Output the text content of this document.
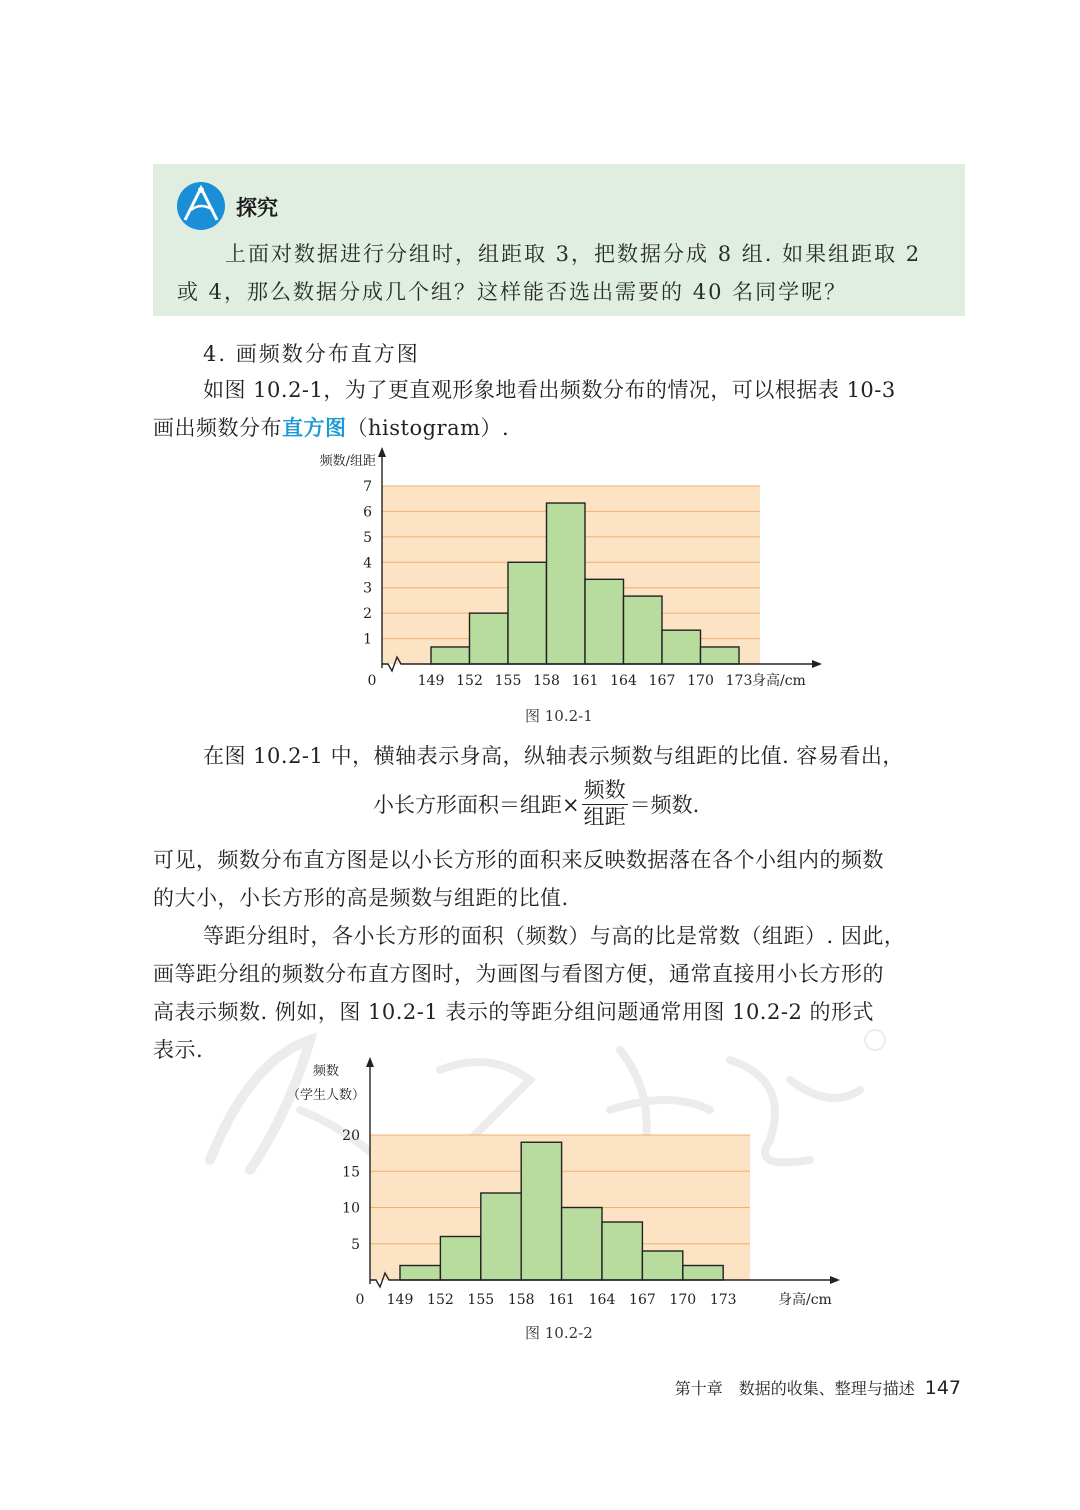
探究
上面对数据进行分组时，组距取 3，把数据分成 8 组. 如果组距取 2
或 4，那么数据分成几个组？这样能否选出需要的 40 名同学呢？
4. 画频数分布直方图
如图 10.2-1，为了更直观形象地看出频数分布的情况，可以根据表 10-3
画出频数分布直方图（histogram）.
1
2
3
4
5
6
7
0	149 152 155 158 161 164 167 170 173 身高/cm
频数/组距
图 10.2-1
在图 10.2-1 中，横轴表示身高，纵轴表示频数与组距的比值. 容易看出，
小长方形面积＝组距× $\frac{\text{频数}}{\text{组距}}$ ＝频数.
可见，频数分布直方图是以小长方形的面积来反映数据落在各个小组内的频数
的大小，小长方形的高是频数与组距的比值.
等距分组时，各小长方形的面积（频数）与高的比是常数（组距）. 因此，
画等距分组的频数分布直方图时，为画图与看图方便，通常直接用小长方形的
高表示频数. 例如，图 10.2-1 表示的等距分组问题通常用图 10.2-2 的形式
表示.
5
10
15
20
0 149 152 155 158 161 164 167 170 173	身高/cm
频数
（学生人数）
图 10.2-2
第十章 数据的收集、整理与描述 147
